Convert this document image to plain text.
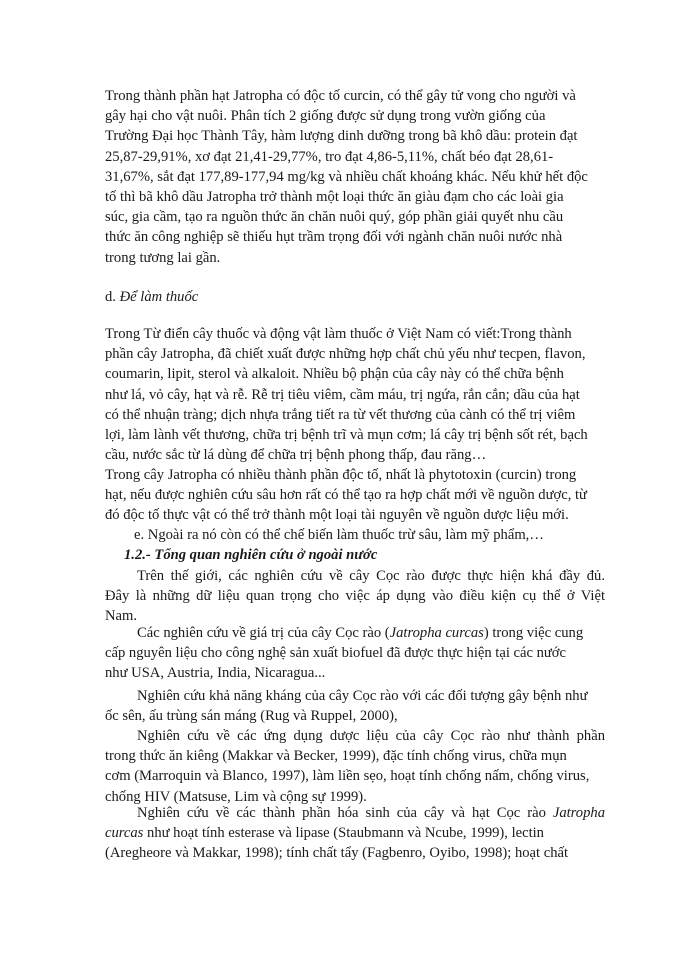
Trong thành phần hạt Jatropha có độc tố curcin, có thể gây tử vong cho người và
gây hại cho vật nuôi. Phân tích 2 giống được sử dụng trong vườn giống của
Trường Đại học Thành Tây, hàm lượng dinh dưỡng trong bã khô dầu: protein đạt
25,87-29,91%, xơ đạt 21,41-29,77%, tro đạt 4,86-5,11%, chất béo đạt 28,61-
31,67%, sắt đạt 177,89-177,94 mg/kg và nhiều chất khoáng khác. Nếu khử hết độc
tố thì bã khô dầu Jatropha trở thành một loại thức ăn giàu đạm cho các loài gia
súc, gia cầm, tạo ra nguồn thức ăn chăn nuôi quý, góp phần giải quyết nhu cầu
thức ăn công nghiệp sẽ thiếu hụt trầm trọng đối với ngành chăn nuôi nước nhà
trong tương lai gần.
d. Để làm thuốc
Trong Từ điển cây thuốc và động vật làm thuốc ở Việt Nam có viết:Trong thành
phần cây Jatropha, đã chiết xuất được những hợp chất chủ yếu như tecpen, flavon,
coumarin, lipit, sterol và alkaloit. Nhiều bộ phận của cây này có thể chữa bệnh
như lá, vỏ cây, hạt và rễ. Rễ trị tiêu viêm, cầm máu, trị ngứa, rắn cắn; dầu của hạt
có thể nhuận tràng; dịch nhựa trắng tiết ra từ vết thương của cành có thể trị viêm
lợi, làm lành vết thương, chữa trị bệnh trĩ và mụn cơm; lá cây trị bệnh sốt rét, bạch
cầu, nước sắc từ lá dùng để chữa trị bệnh phong thấp, đau răng…
Trong cây Jatropha có nhiều thành phần độc tố, nhất là phytotoxin (curcin) trong
hạt, nếu được nghiên cứu sâu hơn rất có thể tạo ra hợp chất mới về nguồn dược, từ
đó độc tố thực vật có thể trở thành một loại tài nguyên về nguồn dược liệu mới.
e. Ngoài ra nó còn có thể chế biến làm thuốc trừ sâu, làm mỹ phẩm,…
1.2.- Tổng quan nghiên cứu ở ngoài nước
Trên thế giới, các nghiên cứu về cây Cọc rào được thực hiện khá đầy đủ.
Đây là những dữ liệu quan trọng cho việc áp dụng vào điều kiện cụ thể ở Việt
Nam.
Các nghiên cứu về giá trị của cây Cọc rào (Jatropha curcas) trong việc cung
cấp nguyên liệu cho công nghệ sản xuất biofuel đã được thực hiện tại các nước
như USA, Austria, India, Nicaragua...
Nghiên cứu khả năng kháng của cây Cọc rào với các đối tượng gây bệnh như
ốc sên, ấu trùng sán máng (Rug và Ruppel, 2000),
Nghiên cứu về các ứng dụng dược liệu của cây Cọc rào như thành phần
trong thức ăn kiêng (Makkar và Becker, 1999), đặc tính chống virus, chữa mụn
cơm (Marroquin và Blanco, 1997), làm liền sẹo, hoạt tính chống nấm, chống virus,
chống HIV (Matsuse, Lim và cộng sự 1999).
Nghiên cứu về các thành phần hóa sinh của cây và hạt Cọc rào Jatropha
curcas như hoạt tính esterase và lipase (Staubmann và Ncube, 1999), lectin
(Aregheore và Makkar, 1998); tính chất tẩy (Fagbenro, Oyibo, 1998); hoạt chất
